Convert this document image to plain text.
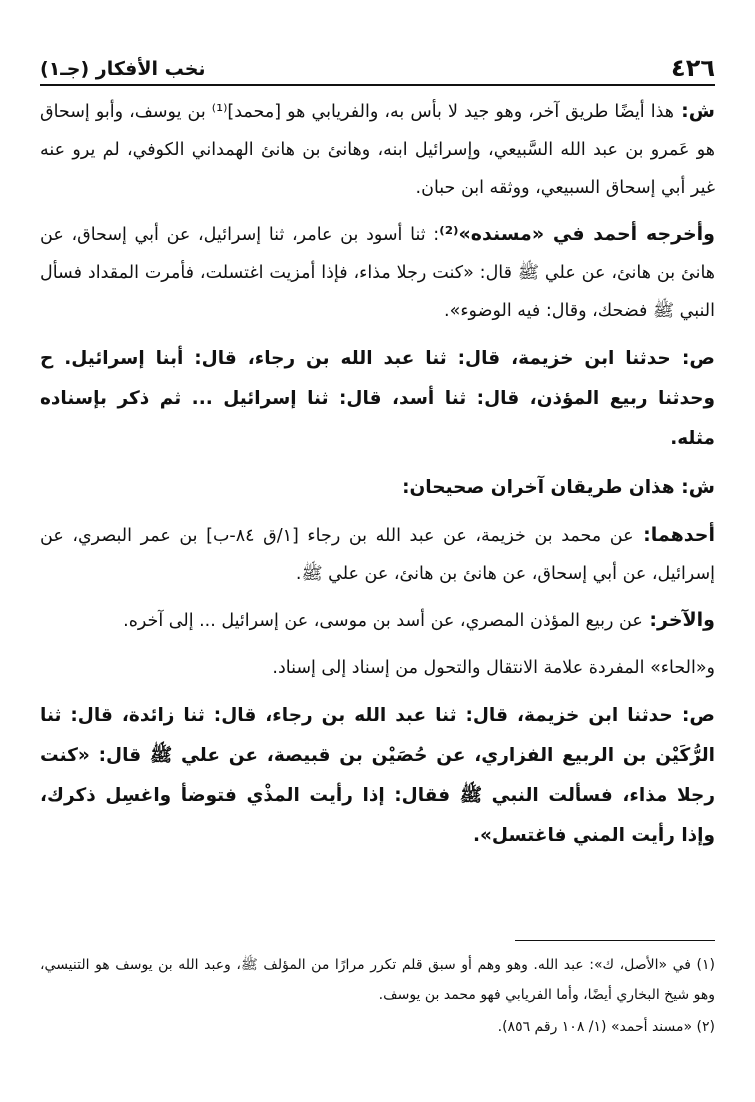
٤٢٦
نخب الأفكار (جـ١)

ش: هذا أيضًا طريق آخر، وهو جيد لا بأس به، والفريابي هو [محمد]⁽¹⁾ بن يوسف، وأبو إسحاق هو عَمرو بن عبد الله السَّبيعي، وإسرائيل ابنه، وهانئ بن هانئ الهمداني الكوفي، لم يرو عنه غير أبي إسحاق السبيعي، ووثقه ابن حبان.

وأخرجه أحمد في «مسنده»⁽²⁾: ثنا أسود بن عامر، ثنا إسرائيل، عن أبي إسحاق، عن هانئ بن هانئ، عن علي ﷺ قال: «كنت رجلا مذاء، فإذا أمزيت اغتسلت، فأمرت المقداد فسأل النبي ﷺ فضحك، وقال: فيه الوضوء».

ص: حدثنا ابن خزيمة، قال: ثنا عبد الله بن رجاء، قال: أبنا إسرائيل. ح وحدثنا ربيع المؤذن، قال: ثنا أسد، قال: ثنا إسرائيل ... ثم ذكر بإسناده مثله.

ش: هذان طريقان آخران صحيحان:

أحدهما: عن محمد بن خزيمة، عن عبد الله بن رجاء [١/ق ٨٤-ب] بن عمر البصري، عن إسرائيل، عن أبي إسحاق، عن هانئ بن هانئ، عن علي ﷺ.

والآخر: عن ربيع المؤذن المصري، عن أسد بن موسى، عن إسرائيل ... إلى آخره.

و«الحاء» المفردة علامة الانتقال والتحول من إسناد إلى إسناد.

ص: حدثنا ابن خزيمة، قال: ثنا عبد الله بن رجاء، قال: ثنا زائدة، قال: ثنا الرُّكَيْن بن الربيع الفزاري، عن حُصَيْن بن قبيصة، عن علي ﷺ قال: «كنت رجلا مذاء، فسألت النبي ﷺ فقال: إذا رأيت المذْي فتوضأ واغسِل ذكرك، وإذا رأيت المني فاغتسل».

(١) في «الأصل، ك»: عبد الله. وهو وهم أو سبق قلم تكرر مرارًا من المؤلف ﷺ، وعبد الله بن يوسف هو التنيسي، وهو شيخ البخاري أيضًا، وأما الفريابي فهو محمد بن يوسف.

(٢) «مسند أحمد» (١/ ١٠٨ رقم ٨٥٦).
